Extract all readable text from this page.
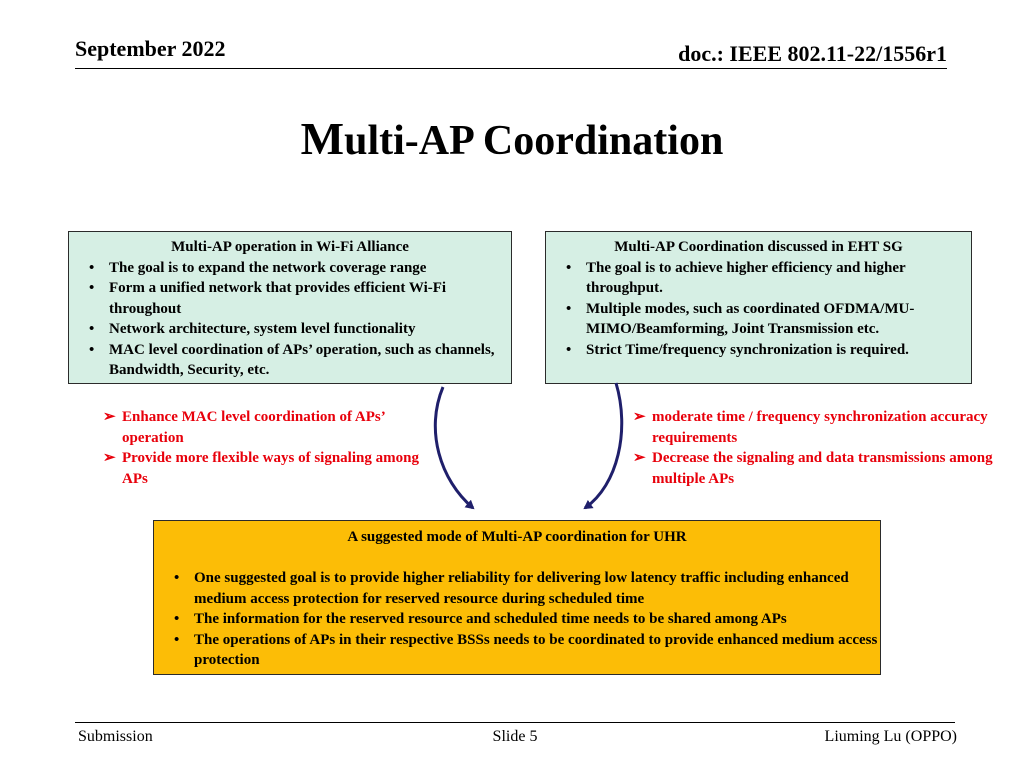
September 2022	doc.: IEEE 802.11-22/1556r1
Multi-AP Coordination
Multi-AP operation in Wi-Fi Alliance
• The goal is to expand the network coverage range
• Form a unified network that provides efficient Wi-Fi throughout
• Network architecture, system level functionality
• MAC level coordination of APs’ operation, such as channels, Bandwidth, Security, etc.
Multi-AP Coordination discussed in EHT SG
• The goal is to achieve higher efficiency and higher throughput.
• Multiple modes, such as coordinated OFDMA/MU-MIMO/Beamforming, Joint Transmission etc.
• Strict Time/frequency synchronization is required.
➢ Enhance MAC level coordination of APs’ operation
➢ Provide more flexible ways of signaling among APs
➢ moderate time / frequency synchronization accuracy requirements
➢ Decrease the signaling and data transmissions among multiple APs
A suggested mode of Multi-AP coordination for UHR
• One suggested goal is to provide higher reliability for delivering low latency traffic including enhanced medium access protection for reserved resource during scheduled time
• The information for the reserved resource and scheduled time needs to be shared among APs
• The operations of APs in their respective BSSs needs to be coordinated to provide enhanced medium access protection
Submission	Slide 5	Liuming Lu (OPPO)
